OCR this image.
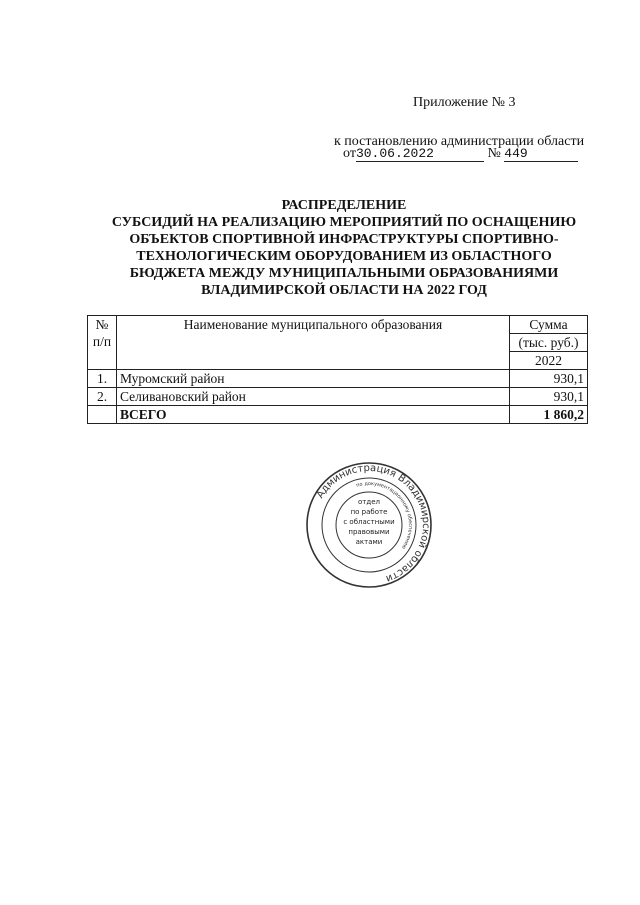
Приложение № 3
к постановлению администрации области
от30.06.2022	№ 449
РАСПРЕДЕЛЕНИЕ
СУБСИДИЙ НА РЕАЛИЗАЦИЮ МЕРОПРИЯТИЙ ПО ОСНАЩЕНИЮ
ОБЪЕКТОВ СПОРТИВНОЙ ИНФРАСТРУКТУРЫ СПОРТИВНО-
ТЕХНОЛОГИЧЕСКИМ ОБОРУДОВАНИЕМ ИЗ ОБЛАСТНОГО
БЮДЖЕТА МЕЖДУ МУНИЦИПАЛЬНЫМИ ОБРАЗОВАНИЯМИ
ВЛАДИМИРСКОЙ ОБЛАСТИ НА 2022 ГОД
№
п/п	Наименование муниципального образования	Сумма
		(тыс. руб.)
		2022
1.	Муромский район	930,1
2.	Селивановский район	930,1
	ВСЕГО	1 860,2
Администрация Владимирской области
по документационному обеспечению
отдел
по работе
с областными
правовыми
актами
